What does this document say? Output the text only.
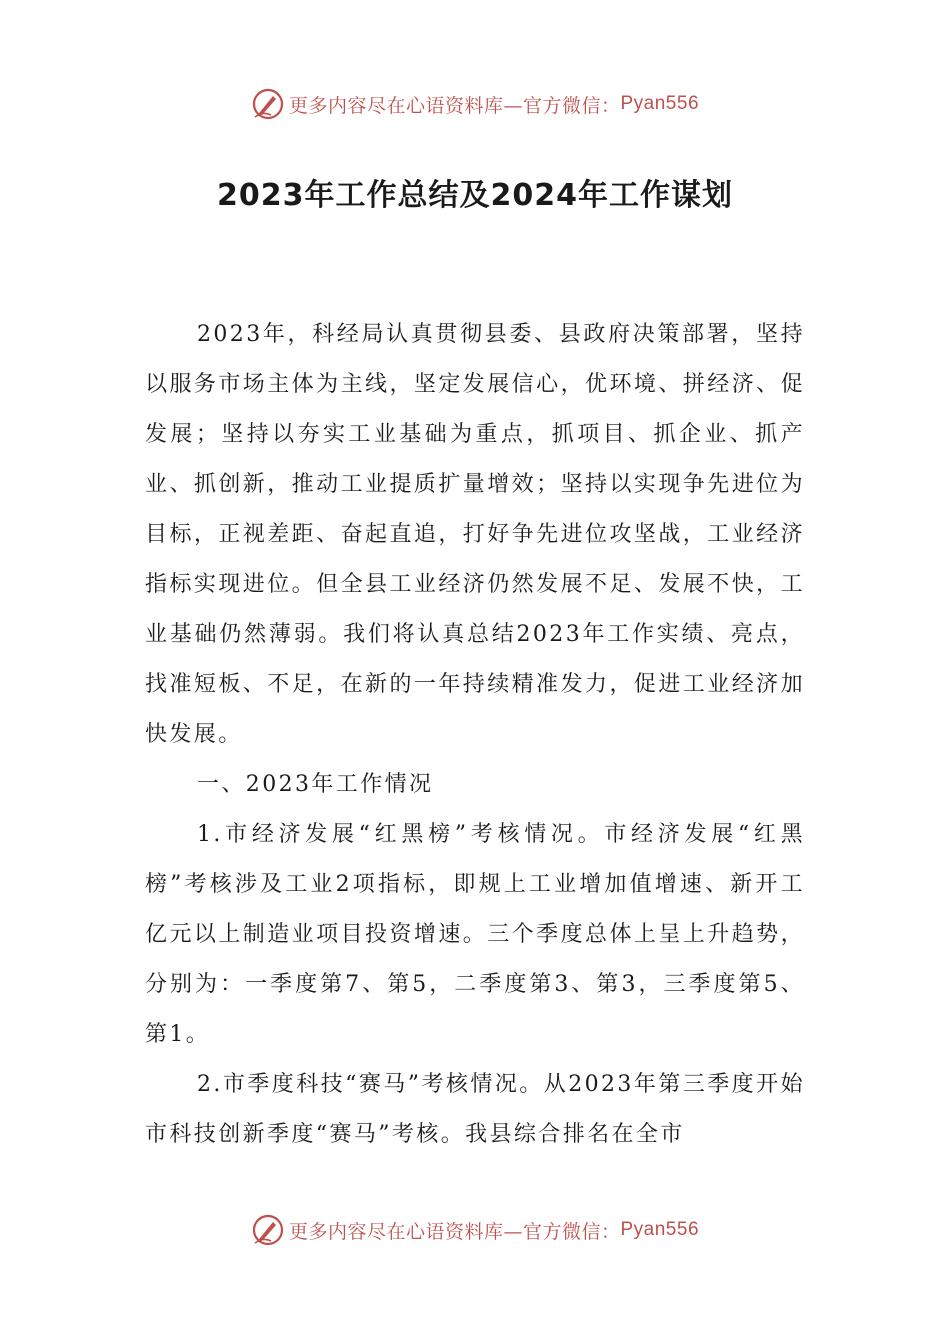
更多内容尽在心语资料库—官方微信： Pyan556
2023年工作总结及2024年工作谋划

2023年，科经局认真贯彻县委、县政府决策部署，坚持以服务市场主体为主线，坚定发展信心，优环境、拼经济、促发展；坚持以夯实工业基础为重点，抓项目、抓企业、抓产业、抓创新，推动工业提质扩量增效；坚持以实现争先进位为目标，正视差距、奋起直追，打好争先进位攻坚战，工业经济指标实现进位。但全县工业经济仍然发展不足、发展不快，工业基础仍然薄弱。我们将认真总结2023年工作实绩、亮点，找准短板、不足，在新的一年持续精准发力，促进工业经济加快发展。

一、2023年工作情况

1.市经济发展“红黑榜”考核情况。市经济发展“红黑榜”考核涉及工业2项指标，即规上工业增加值增速、新开工亿元以上制造业项目投资增速。三个季度总体上呈上升趋势，分别为：一季度第7、第5，二季度第3、第3，三季度第5、第1。

2.市季度科技“赛马”考核情况。从2023年第三季度开始市科技创新季度“赛马”考核。我县综合排名在全市

更多内容尽在心语资料库—官方微信： Pyan556
